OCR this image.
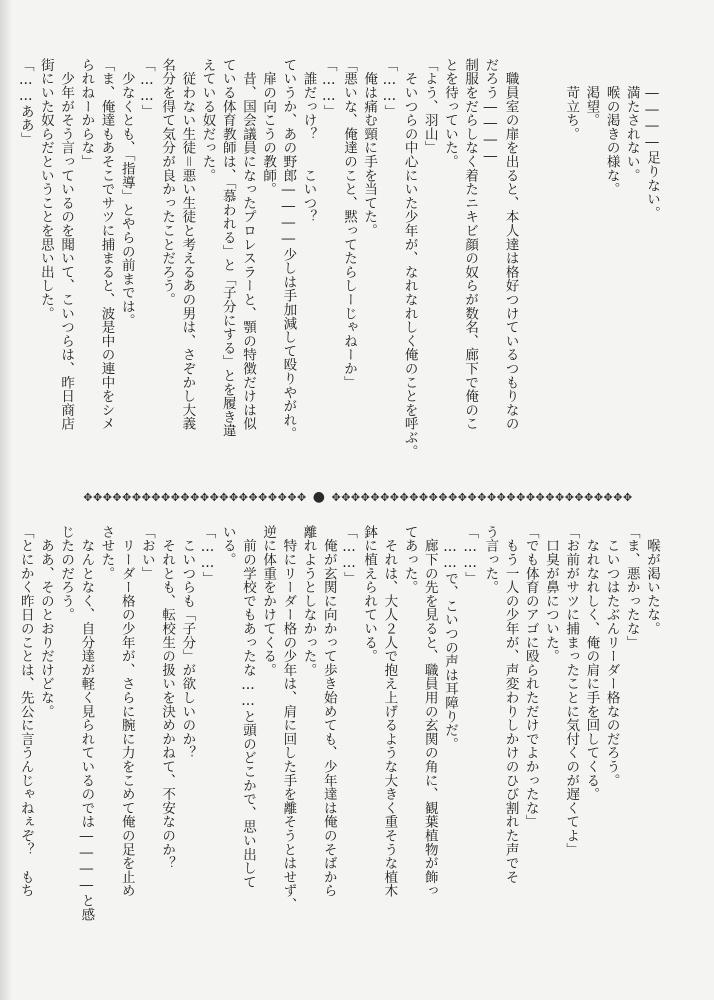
　　――――足りない。
　　満たされない。
　　喉の渇きの様な。
　　渇望。
　　苛立ち。

　職員室の扉を出ると、本人達は格好つけているつもりなの
だろう――――
制服をだらしなく着たニキビ顔の奴らが数名、廊下で俺のこ
とを待っていた。
「よう、羽山」
　そいつらの中心にいた少年が、なれなれしく俺のことを呼ぶ。
「……」
　俺は痛む頸に手を当てた。
「悪いな、俺達のこと、黙ってたらしーじゃねーか」
「……」
　誰だっけ？　　こいつ？
ていうか、あの野郎――――少しは手加減して殴りやがれ。
　扉の向こうの教師。
　昔、国会議員になったプロレスラーと、顎の特徴だけは似
ている体育教師は、「慕われる」と「子分にする」とを履き違
えている奴だった。
　従わない生徒＝悪い生徒と考えるあの男は、さぞかし大義
名分を得て気分が良かったことだろう。
「……」
　少なくとも、「指導」とやらの前までは。
「ま、俺達もあそこでサツに捕まると、波是中の連中をシメ
られねーからな」
　少年がそう言っているのを聞いて、こいつらは、昨日商店
街にいた奴らだということを思い出した。
「……ああ」
✥✥✥✥✥✥✥✥✥✥✥✥✥✥✥✥✥✥✥✥✥✥✥ ● ✥✥✥✥✥✥✥✥✥✥✥✥✥✥✥✥✥✥✥✥✥✥✥✥✥✥✥✥✥✥✥
　喉が渇いたな。
「ま、悪かったな」
　こいつはたぶんリーダー格なのだろう。
　なれなれしく、俺の肩に手を回してくる。
「お前がサツに捕まったことに気付くのが遅くてよ」
　口臭が鼻についた。
「でも体育のアゴに殴られただけでよかったな」
　もう一人の少年が、声変わりしかけのひび割れた声でそ
う言った。
「……」
　……で、こいつの声は耳障りだ。
　廊下の先を見ると、職員用の玄関の角に、観葉植物が飾っ
てあった。
　それは、大人２人で抱え上げるような大きく重そうな植木
鉢に植えられている。
「……」
　俺が玄関に向かって歩き始めても、少年達は俺のそばから
離れようとしなかった。
　特にリーダー格の少年は、肩に回した手を離そうとはせず、
逆に体重をかけてくる。
　前の学校でもあったな……と頭のどこかで、思い出して
いる。
「……」
　こいつらも「子分」が欲しいのか？
　それとも、転校生の扱いを決めかねて、不安なのか？
「おい」
　リーダー格の少年が、さらに腕に力をこめて俺の足を止め
させた。
　なんとなく、自分達が軽く見られているのでは――――と感
じたのだろう。
　ああ、そのとおりだけどな。
「とにかく昨日のことは、先公に言うんじゃねぇぞ？　もち
